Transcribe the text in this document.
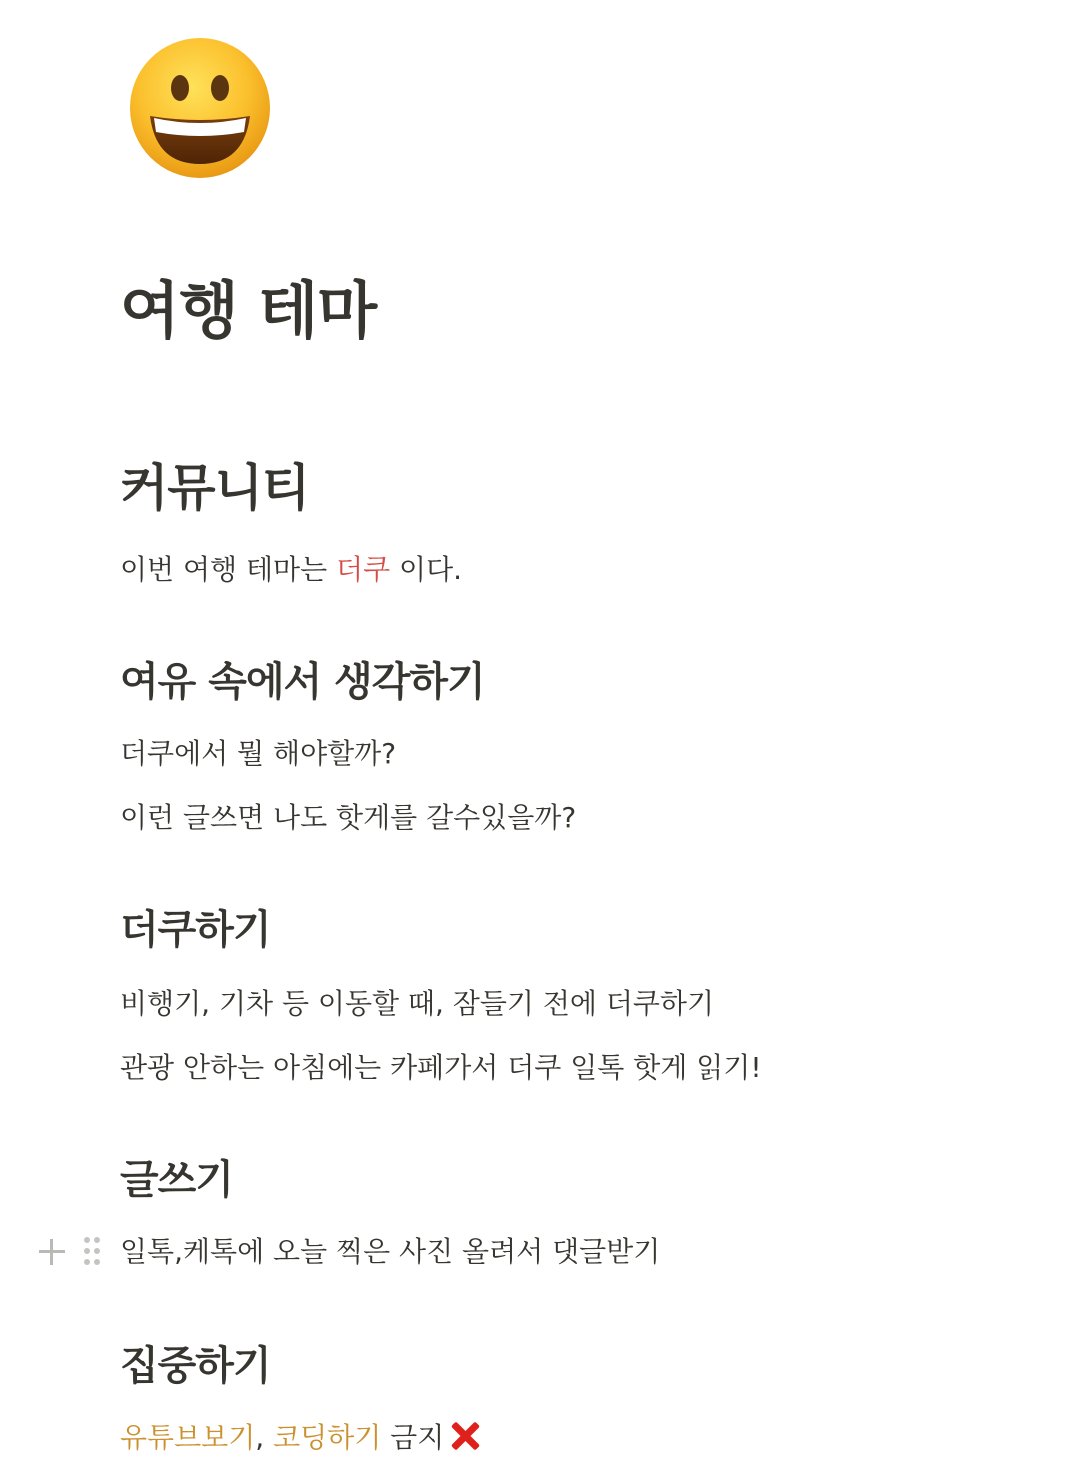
여행 테마
커뮤니티
이번 여행 테마는 더쿠 이다.
여유 속에서 생각하기
더쿠에서 뭘 해야할까?
이런 글쓰면 나도 핫게를 갈수있을까?
더쿠하기
비행기, 기차 등 이동할 때, 잠들기 전에 더쿠하기
관광 안하는 아침에는 카페가서 더쿠 일톡 핫게 읽기!
글쓰기
일톡,케톡에 오늘 찍은 사진 올려서 댓글받기
집중하기
유튜브보기, 코딩하기 금지
